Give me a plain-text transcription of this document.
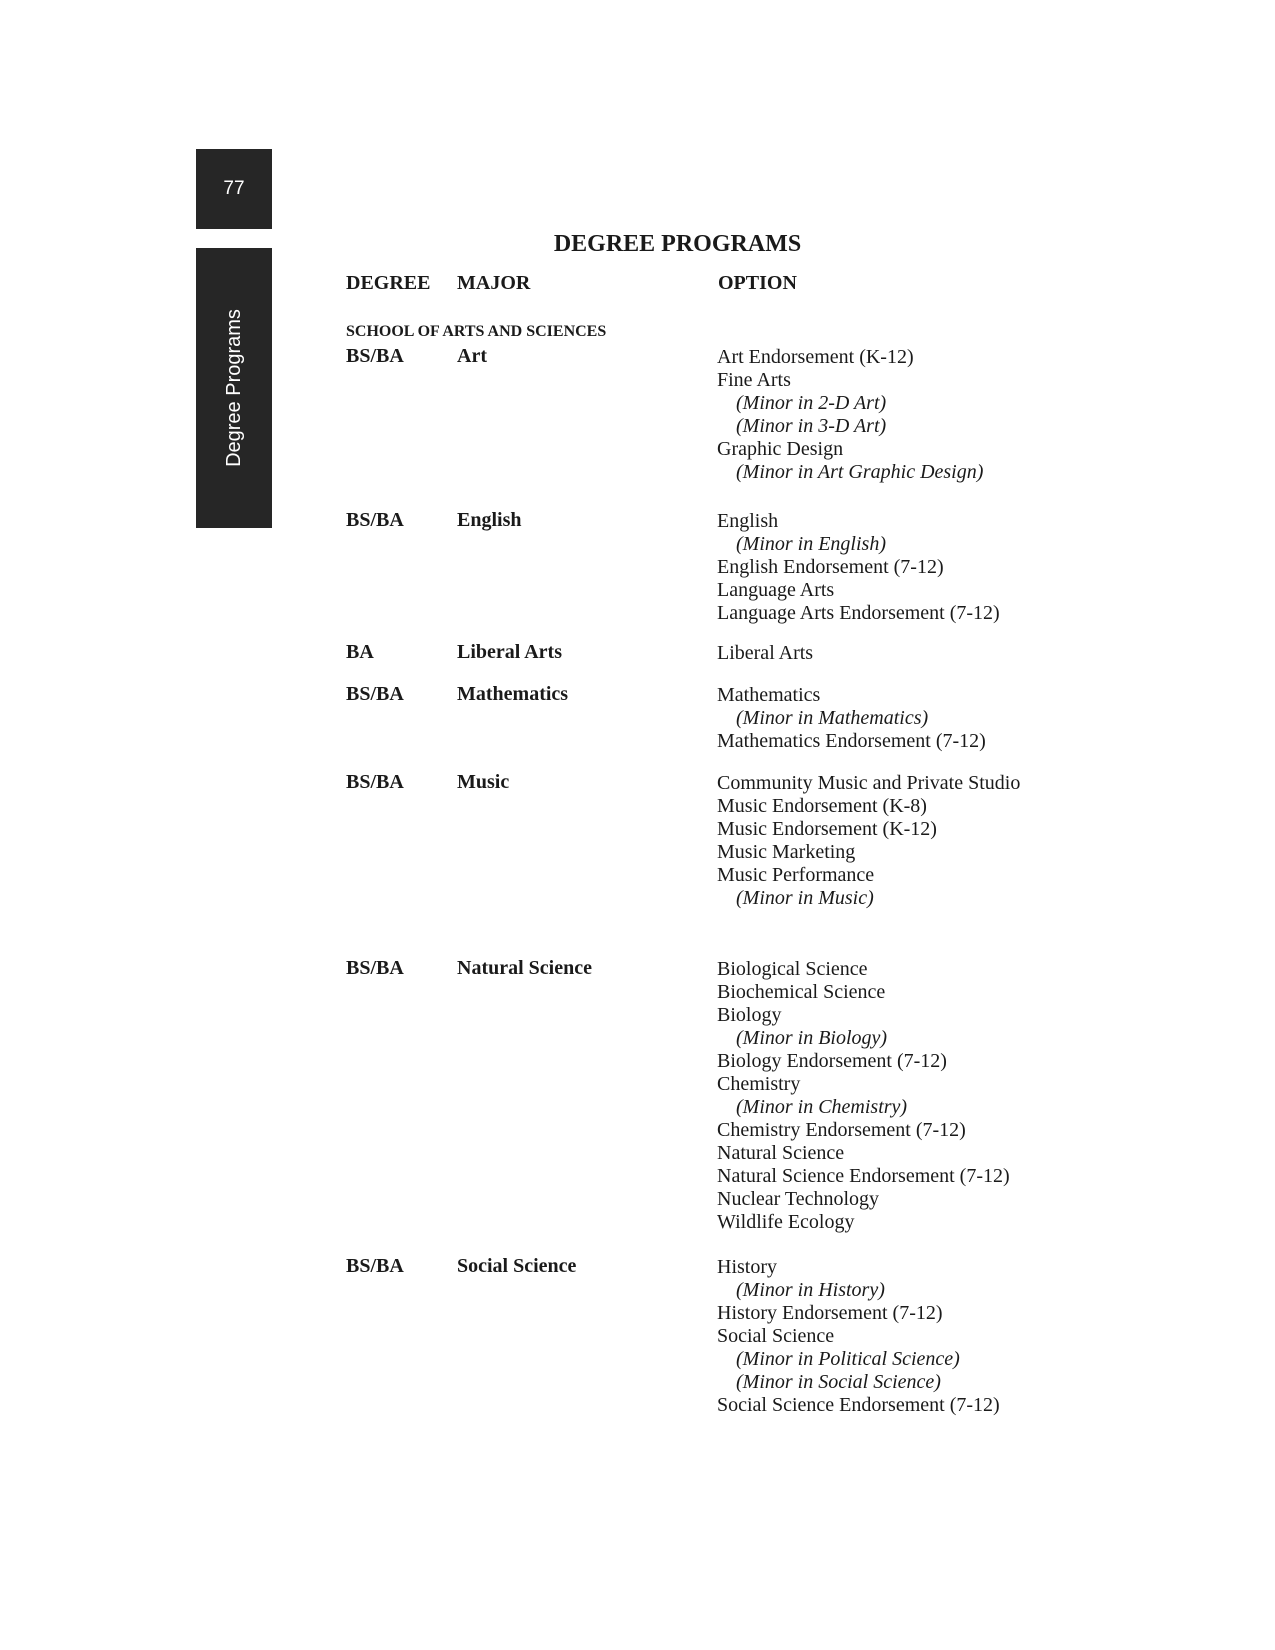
77
Degree Programs
DEGREE PROGRAMS
DEGREE MAJOR	OPTION
SCHOOL OF ARTS AND SCIENCES
BS/BA	Art	Art Endorsement (K-12)
Fine Arts
(Minor in 2-D Art)
(Minor in 3-D Art)
Graphic Design
(Minor in Art Graphic Design)
BS/BA	English	English
(Minor in English)
English Endorsement (7-12)
Language Arts
Language Arts Endorsement (7-12)
BA	Liberal Arts	Liberal Arts
BS/BA	Mathematics	Mathematics
(Minor in Mathematics)
Mathematics Endorsement (7-12)
BS/BA	Music	Community Music and Private Studio
Music Endorsement (K-8)
Music Endorsement (K-12)
Music Marketing
Music Performance
(Minor in Music)
BS/BA	Natural Science	Biological Science
Biochemical Science
Biology
(Minor in Biology)
Biology Endorsement (7-12)
Chemistry
(Minor in Chemistry)
Chemistry Endorsement (7-12)
Natural Science
Natural Science Endorsement (7-12)
Nuclear Technology
Wildlife Ecology
BS/BA	Social Science	History
(Minor in History)
History Endorsement (7-12)
Social Science
(Minor in Political Science)
(Minor in Social Science)
Social Science Endorsement (7-12)
